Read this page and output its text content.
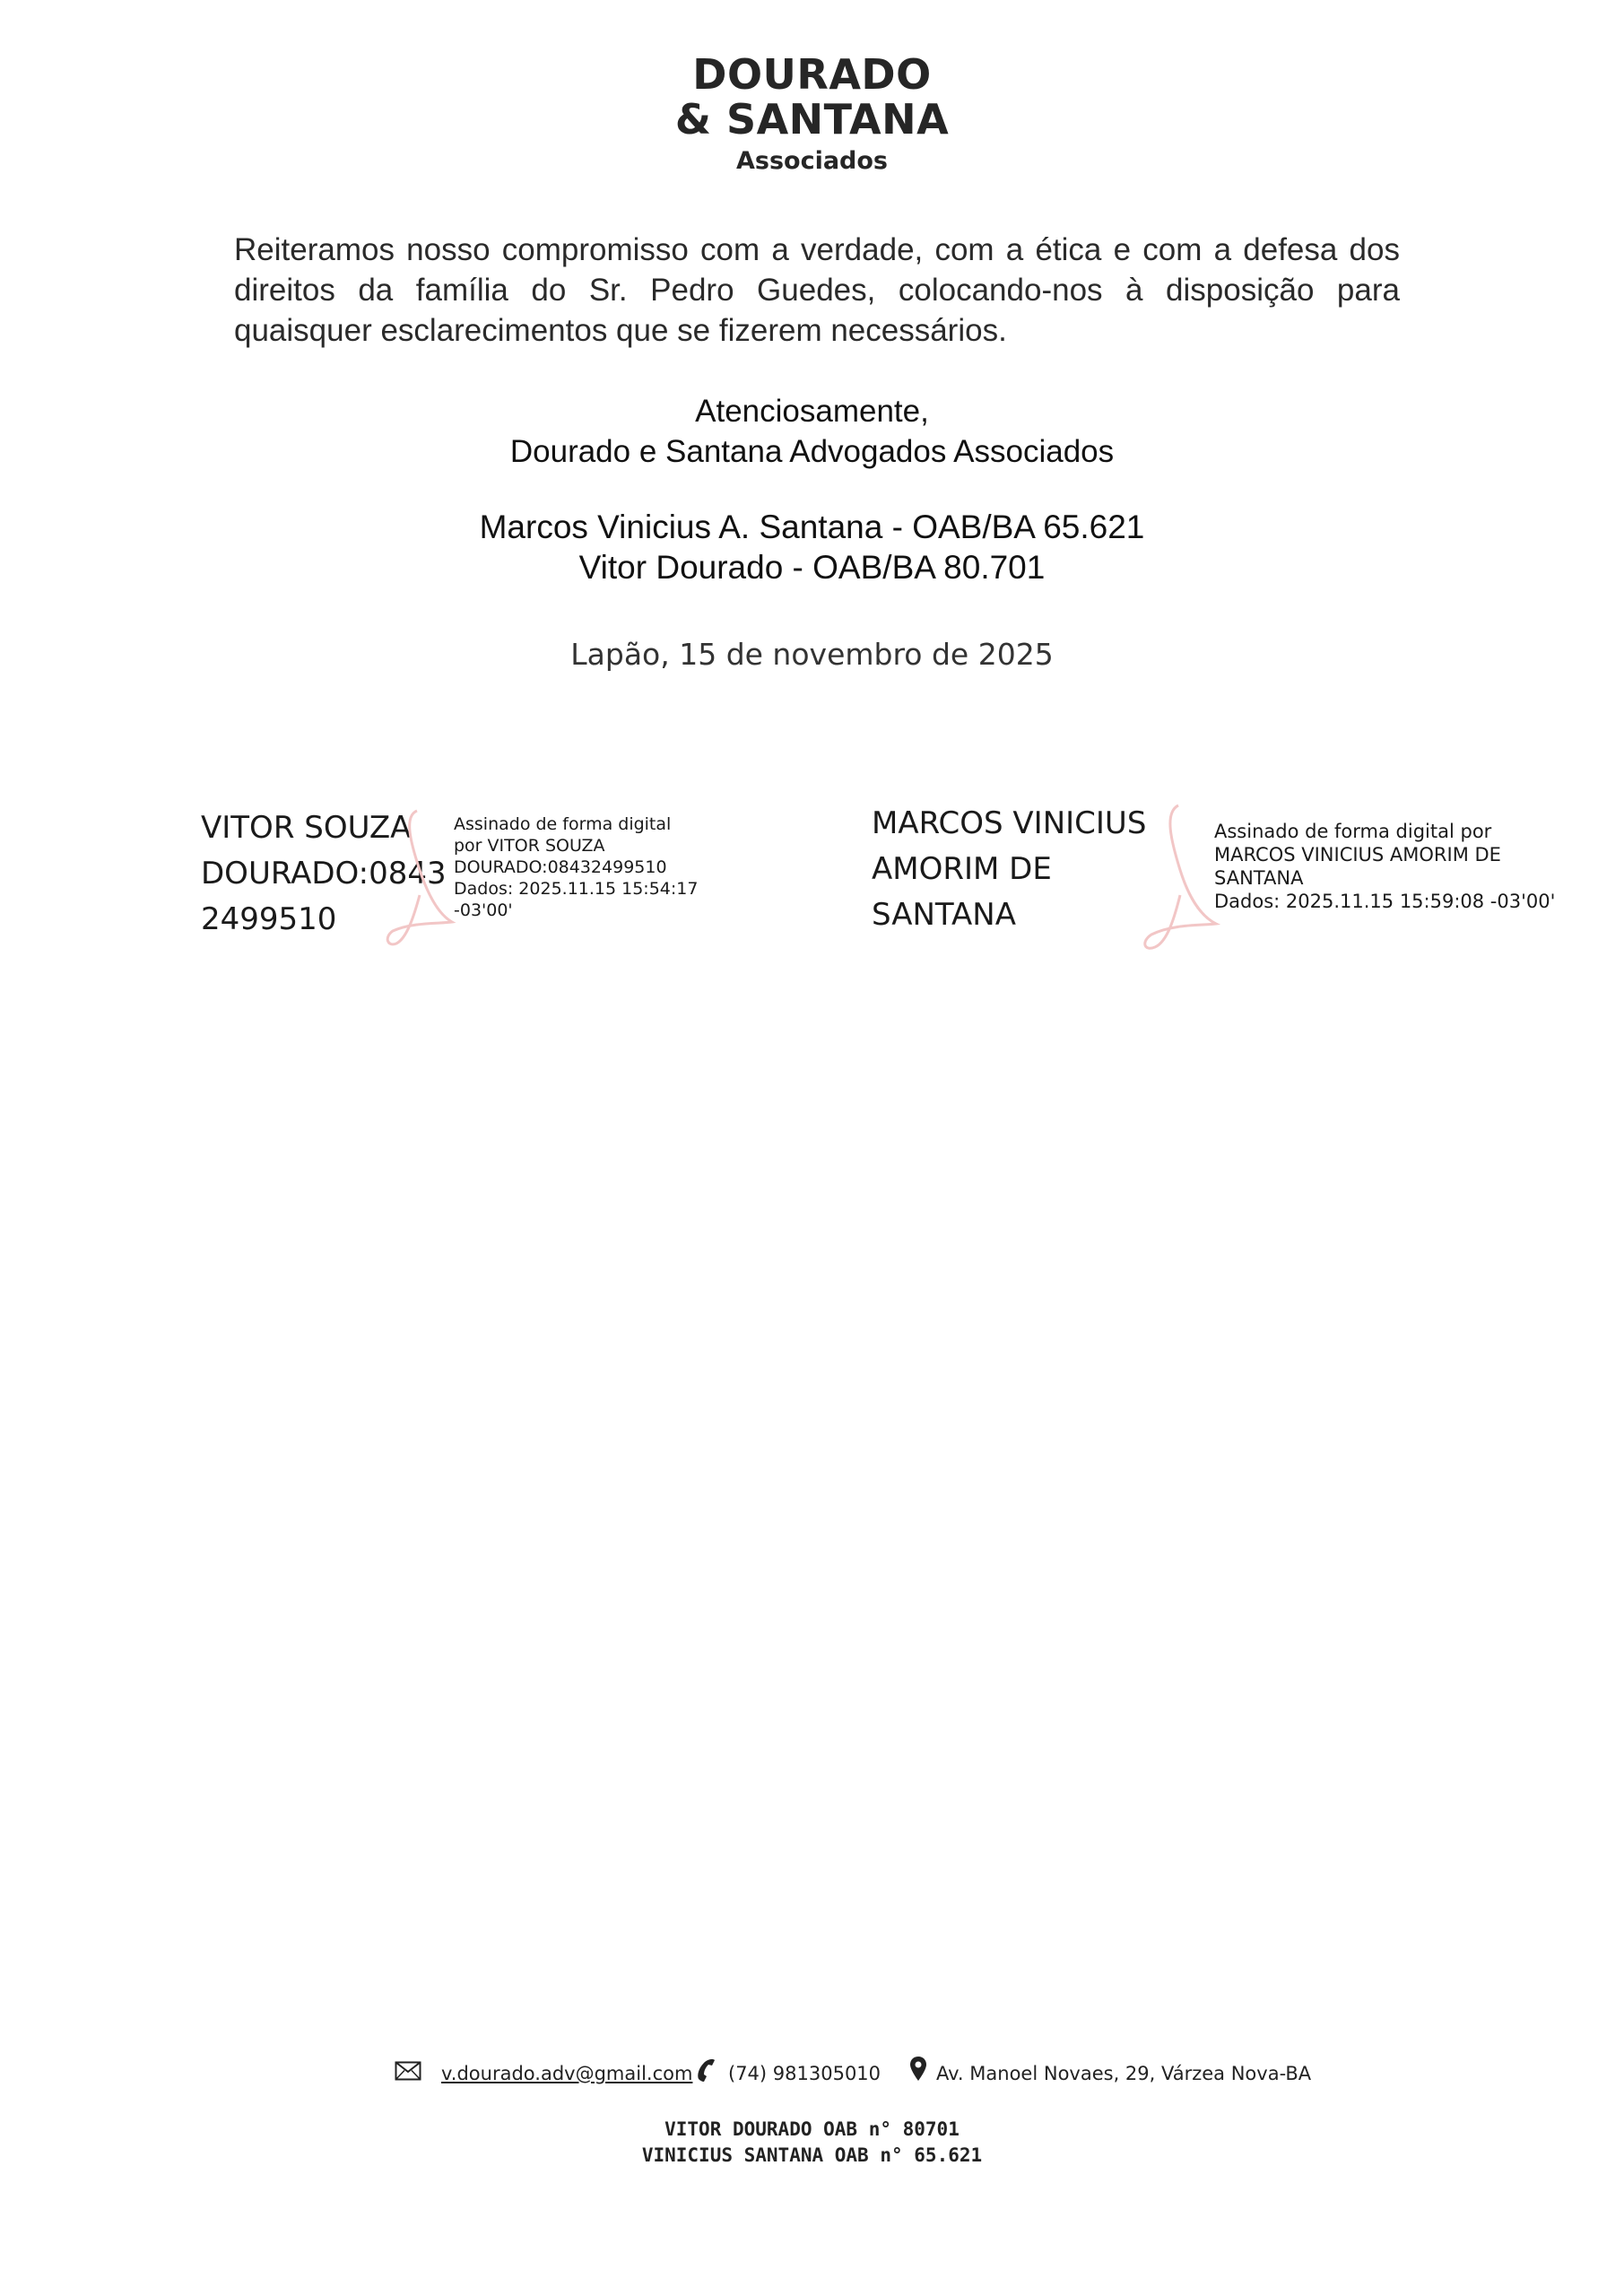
DOURADO
& SANTANA
Associados
Reiteramos nosso compromisso com a verdade, com a ética e com a defesa dos direitos da família do Sr. Pedro Guedes, colocando-nos à disposição para quaisquer esclarecimentos que se fizerem necessários.
Atenciosamente,
Dourado e Santana Advogados Associados
Marcos Vinicius A. Santana - OAB/BA 65.621
Vitor Dourado - OAB/BA 80.701
Lapão, 15 de novembro de 2025
VITOR SOUZA
DOURADO:0843
2499510
Assinado de forma digital
por VITOR SOUZA
DOURADO:08432499510
Dados: 2025.11.15 15:54:17
-03'00'
MARCOS VINICIUS
AMORIM DE
SANTANA
Assinado de forma digital por
MARCOS VINICIUS AMORIM DE
SANTANA
Dados: 2025.11.15 15:59:08 -03'00'
v.dourado.adv@gmail.com (74) 981305010	Av. Manoel Novaes, 29, Várzea Nova-BA
VITOR DOURADO OAB n° 80701
VINICIUS SANTANA OAB n° 65.621
